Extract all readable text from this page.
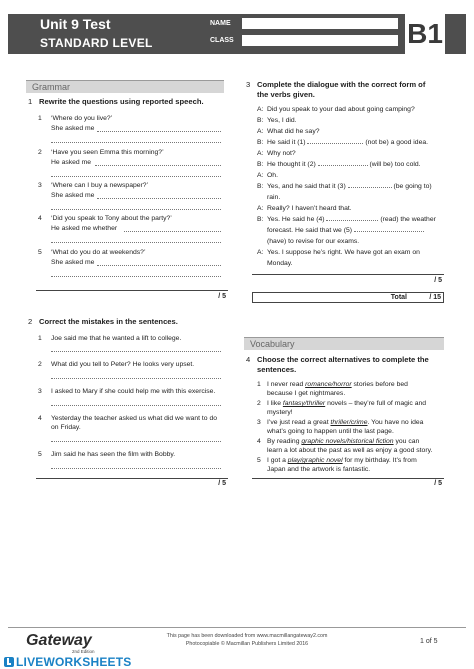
Unit 9 Test
STANDARD LEVEL
NAME
CLASS	B1
Grammar
1 Rewrite the questions using reported speech.
1 ‘Where do you live?’
She asked me
2 ‘Have you seen Emma this morning?’
He asked me
3 ‘Where can I buy a newspaper?’
She asked me
4 ‘Did you speak to Tony about the party?’
He asked me whether
5 ‘What do you do at weekends?’
She asked me
/ 5
2 Correct the mistakes in the sentences.
1 Joe said me that he wanted a lift to college.
2 What did you tell to Peter? He looks very upset.
3 I asked to Mary if she could help me with this exercise.
4 Yesterday the teacher asked us what did we want to do
on Friday.
5 Jim said he has seen the film with Bobby.
/ 5
3 Complete the dialogue with the correct form of
the verbs given.
A: Did you speak to your dad about going camping?
B: Yes, I did.
A: What did he say?
B: He said it (1)	(not be) a good idea.
A: Why not?
B: He thought it (2)	(will be) too cold.
A: Oh.
B: Yes, and he said that it (3)	(be going to)
rain.
A: Really? I haven’t heard that.
B: Yes. He said he (4)	(read) the weather
forecast. He said that we (5)
(have) to revise for our exams.
A: Yes. I suppose he’s right. We have got an exam on
Monday.
/ 5
Total	/ 15
Vocabulary
4 Choose the correct alternatives to complete the
sentences.
1 I never read romance/horror stories before bed
because I get nightmares.
2 I like fantasy/thriller novels – they’re full of magic and
mystery!
3 I’ve just read a great thriller/crime. You have no idea
what’s going to happen until the last page.
4 By reading graphic novels/historical fiction you can
learn a lot about the past as well as enjoy a good story.
5 I got a play/graphic novel for my birthday. It’s from
Japan and the artwork is fantastic.
/ 5
Gateway
2nd Edition
This page has been downloaded from www.macmillangateway2.com
Photocopiable © Macmillan Publishers Limited 2016	1 of 5
LIVEWORKSHEETS
